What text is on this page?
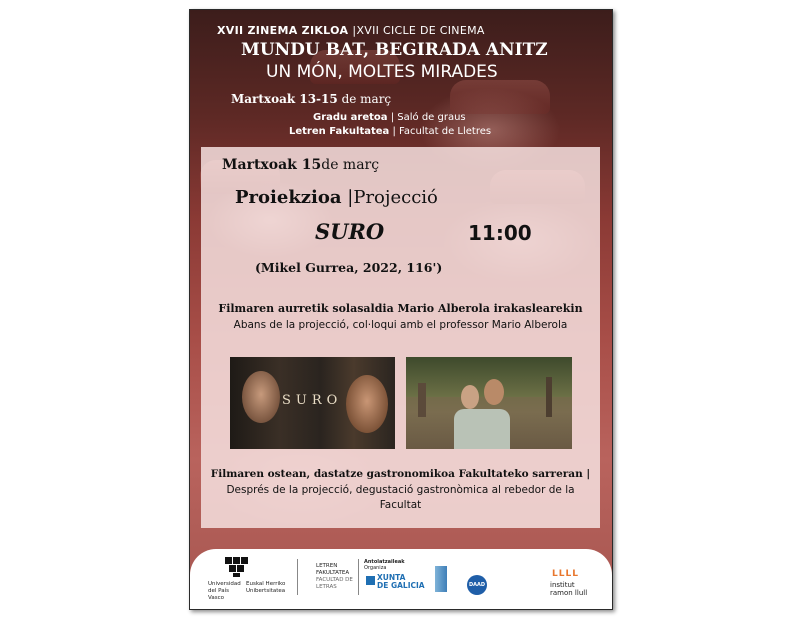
XVII ZINEMA ZIKLOA |XVII CICLE DE CINEMA
MUNDU BAT, BEGIRADA ANITZ
UN MÓN, MOLTES MIRADES
Martxoak 13-15 de març
Gradu aretoa | Saló de graus
Letren Fakultatea | Facultat de Lletres
Martxoak 15de març
Proiekzioa |Projecció
SURO	11:00
(Mikel Gurrea, 2022, 116')
Filmaren aurretik solasaldia Mario Alberola irakaslearekin
Abans de la projecció, col·loqui amb el professor Mario Alberola
SURO
Filmaren ostean, dastatze gastronomikoa Fakultateko sarreran |
Després de la projecció, degustació gastronòmica al rebedor de la Facultat
Universidad del País Vasco
Euskal Herriko Unibertsitatea
LETREN FAKULTATEA
FACULTAD DE LETRAS
Antolatzaileak
Organiza
XUNTA
DE GALICIA	DAAD
LLLL
institut
ramon llull
